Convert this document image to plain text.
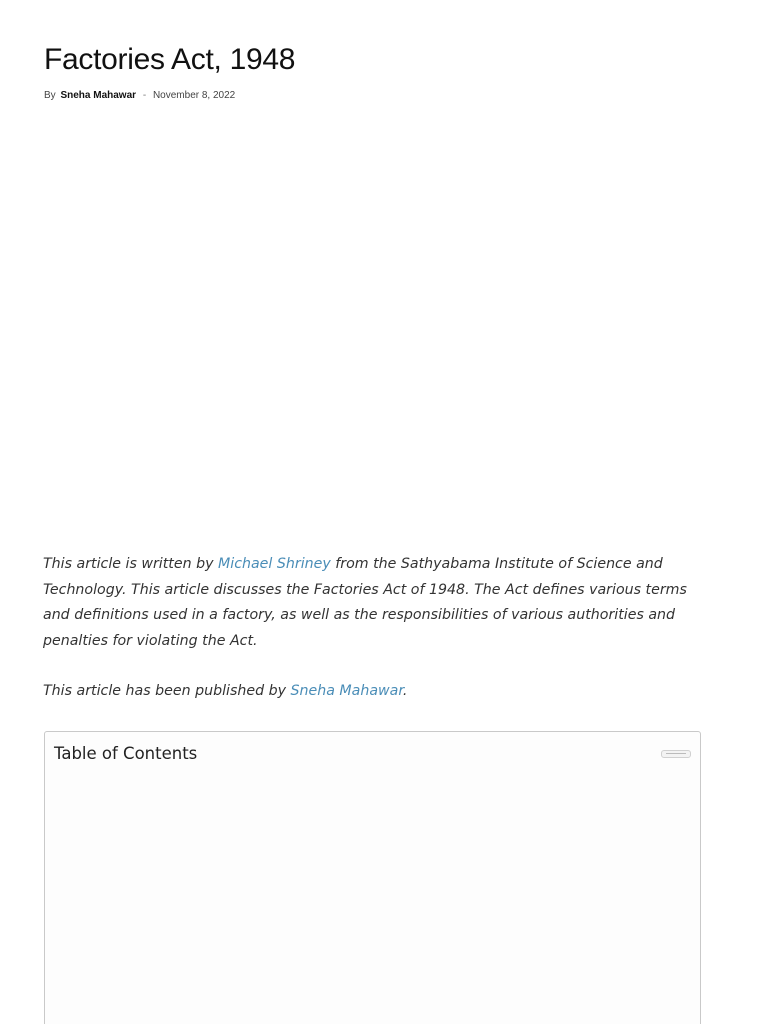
Factories Act, 1948
By Sneha Mahawar - November 8, 2022

This article is written by Michael Shriney from the Sathyabama Institute of Science and Technology. This article discusses the Factories Act of 1948. The Act defines various terms and definitions used in a factory, as well as the responsibilities of various authorities and penalties for violating the Act.

This article has been published by Sneha Mahawar.

Table of Contents
